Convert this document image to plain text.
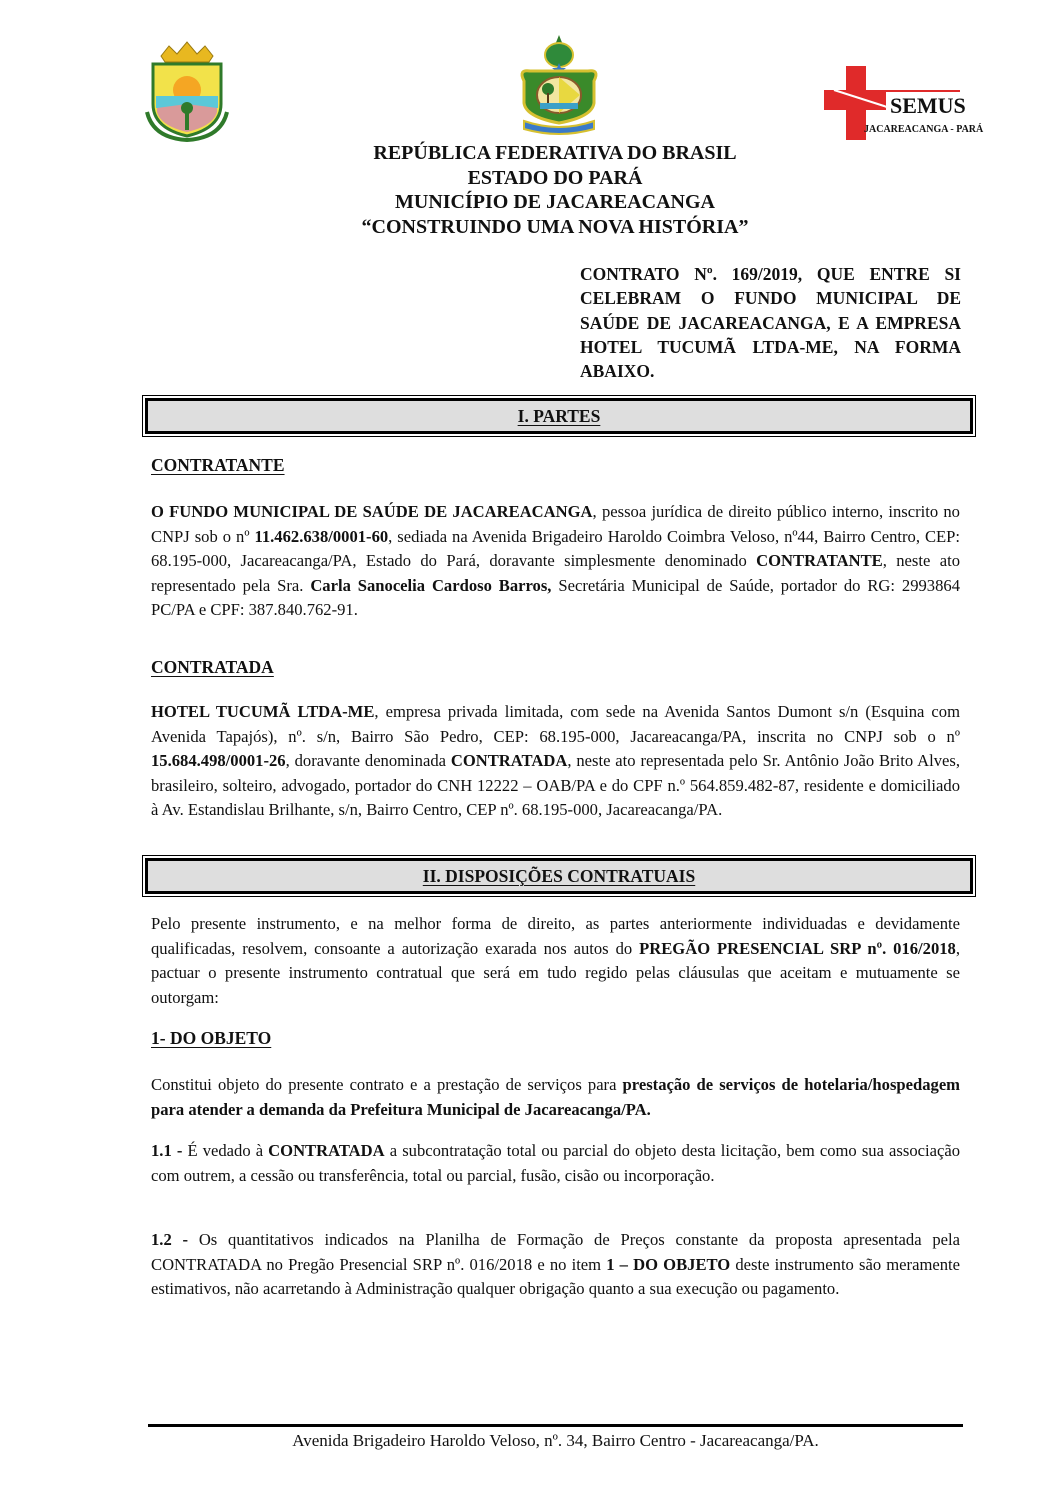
SEMUS
JACAREACANGA - PARÁ
REPÚBLICA FEDERATIVA DO BRASIL
ESTADO DO PARÁ
MUNICÍPIO DE JACAREACANGA
“CONSTRUINDO UMA NOVA HISTÓRIA”
CONTRATO Nº. 169/2019, QUE ENTRE SI CELEBRAM O FUNDO MUNICIPAL DE SAÚDE DE JACAREACANGA, E A EMPRESA HOTEL TUCUMÃ LTDA-ME, NA FORMA ABAIXO.
I. PARTES
CONTRATANTE
O FUNDO MUNICIPAL DE SAÚDE DE JACAREACANGA, pessoa jurídica de direito público interno, inscrito no CNPJ sob o nº 11.462.638/0001-60, sediada na Avenida Brigadeiro Haroldo Coimbra Veloso, nº44, Bairro Centro, CEP: 68.195-000, Jacareacanga/PA, Estado do Pará, doravante simplesmente denominado CONTRATANTE, neste ato representado pela Sra. Carla Sanocelia Cardoso Barros, Secretária Municipal de Saúde, portador do RG: 2993864 PC/PA e CPF: 387.840.762-91.
CONTRATADA
HOTEL TUCUMÃ LTDA-ME, empresa privada limitada, com sede na Avenida Santos Dumont s/n (Esquina com Avenida Tapajós), nº. s/n, Bairro São Pedro, CEP: 68.195-000, Jacareacanga/PA, inscrita no CNPJ sob o nº 15.684.498/0001-26, doravante denominada CONTRATADA, neste ato representada pelo Sr. Antônio João Brito Alves, brasileiro, solteiro, advogado, portador do CNH 12222 – OAB/PA e do CPF n.º 564.859.482-87, residente e domiciliado à Av. Estandislau Brilhante, s/n, Bairro Centro, CEP nº. 68.195-000, Jacareacanga/PA.
II. DISPOSIÇÕES CONTRATUAIS
Pelo presente instrumento, e na melhor forma de direito, as partes anteriormente individuadas e devidamente qualificadas, resolvem, consoante a autorização exarada nos autos do PREGÃO PRESENCIAL SRP nº. 016/2018, pactuar o presente instrumento contratual que será em tudo regido pelas cláusulas que aceitam e mutuamente se outorgam:
1- DO OBJETO
Constitui objeto do presente contrato e a prestação de serviços para prestação de serviços de hotelaria/hospedagem para atender a demanda da Prefeitura Municipal de Jacareacanga/PA.
1.1 - É vedado à CONTRATADA a subcontratação total ou parcial do objeto desta licitação, bem como sua associação com outrem, a cessão ou transferência, total ou parcial, fusão, cisão ou incorporação.
1.2 - Os quantitativos indicados na Planilha de Formação de Preços constante da proposta apresentada pela CONTRATADA no Pregão Presencial SRP nº. 016/2018 e no item 1 – DO OBJETO deste instrumento são meramente estimativos, não acarretando à Administração qualquer obrigação quanto a sua execução ou pagamento.
Avenida Brigadeiro Haroldo Veloso, nº. 34, Bairro Centro - Jacareacanga/PA.
